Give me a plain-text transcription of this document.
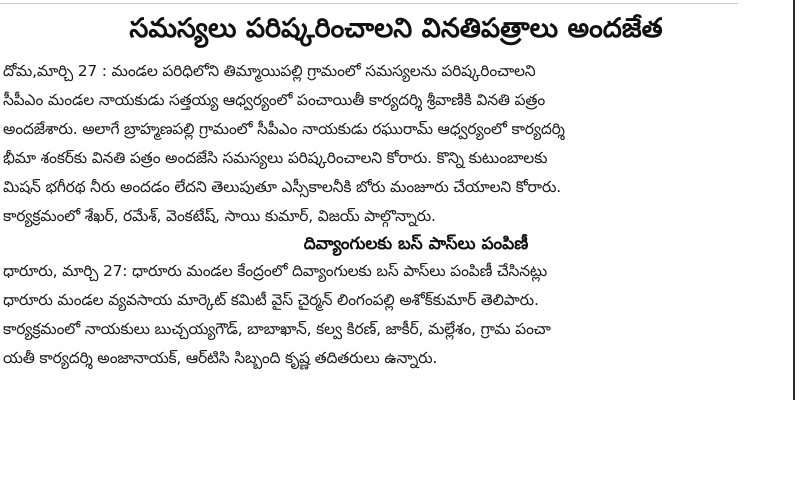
సమస్యలు పరిష్కరించాలని వినతిపత్రాలు అందజేత
దోమ,మార్చి 27 : మండల పరిధిలోని తిమ్మాయిపల్లి గ్రామంలో సమస్యలను పరిష్కరించాలని
సీపీఎం మండల నాయకుడు సత్తయ్య ఆధ్వర్యంలో పంచాయితీ కార్యదర్శి శ్రీవాణికి వినతి పత్రం
అందజేశారు. అలాగే బ్రాహ్మణపల్లి గ్రామంలో సీపీఎం నాయకుడు రఘురామ్ ఆధ్వర్యంలో కార్యదర్శి
భీమా శంకర్‌కు వినతి పత్రం అందజేసి సమస్యలు పరిష్కరించాలని కోరారు. కొన్ని కుటుంబాలకు
మిషన్ భగీరథ నీరు అందడం లేదని తెలుపుతూ ఎస్సీకాలనీకి బోరు మంజూరు చేయాలని కోరారు.
కార్యక్రమంలో శేఖర్, రమేశ్, వెంకటేష్, సాయి కుమార్, విజయ్ పాల్గొన్నారు.
దివ్యాంగులకు బస్ పాస్‌లు పంపిణీ
ధారూరు, మార్చి 27: ధారూరు మండల కేంద్రంలో దివ్యాంగులకు బస్ పాస్‌లు పంపిణీ చేసినట్లు
ధారూరు మండల వ్యవసాయ మార్కెట్ కమిటీ వైస్ చైర్మన్ లింగంపల్లి అశోక్‌కుమార్ తెలిపారు.
కార్యక్రమంలో నాయకులు బుచ్చయ్యగౌడ్, బాబాఖాన్, కల్వ కిరణ్, జాకీర్, మల్లేశం, గ్రామ పంచా
యతీ కార్యదర్శి అంజానాయక్, ఆర్‌టిసి సిబ్బంది కృష్ణ తదితరులు ఉన్నారు.
